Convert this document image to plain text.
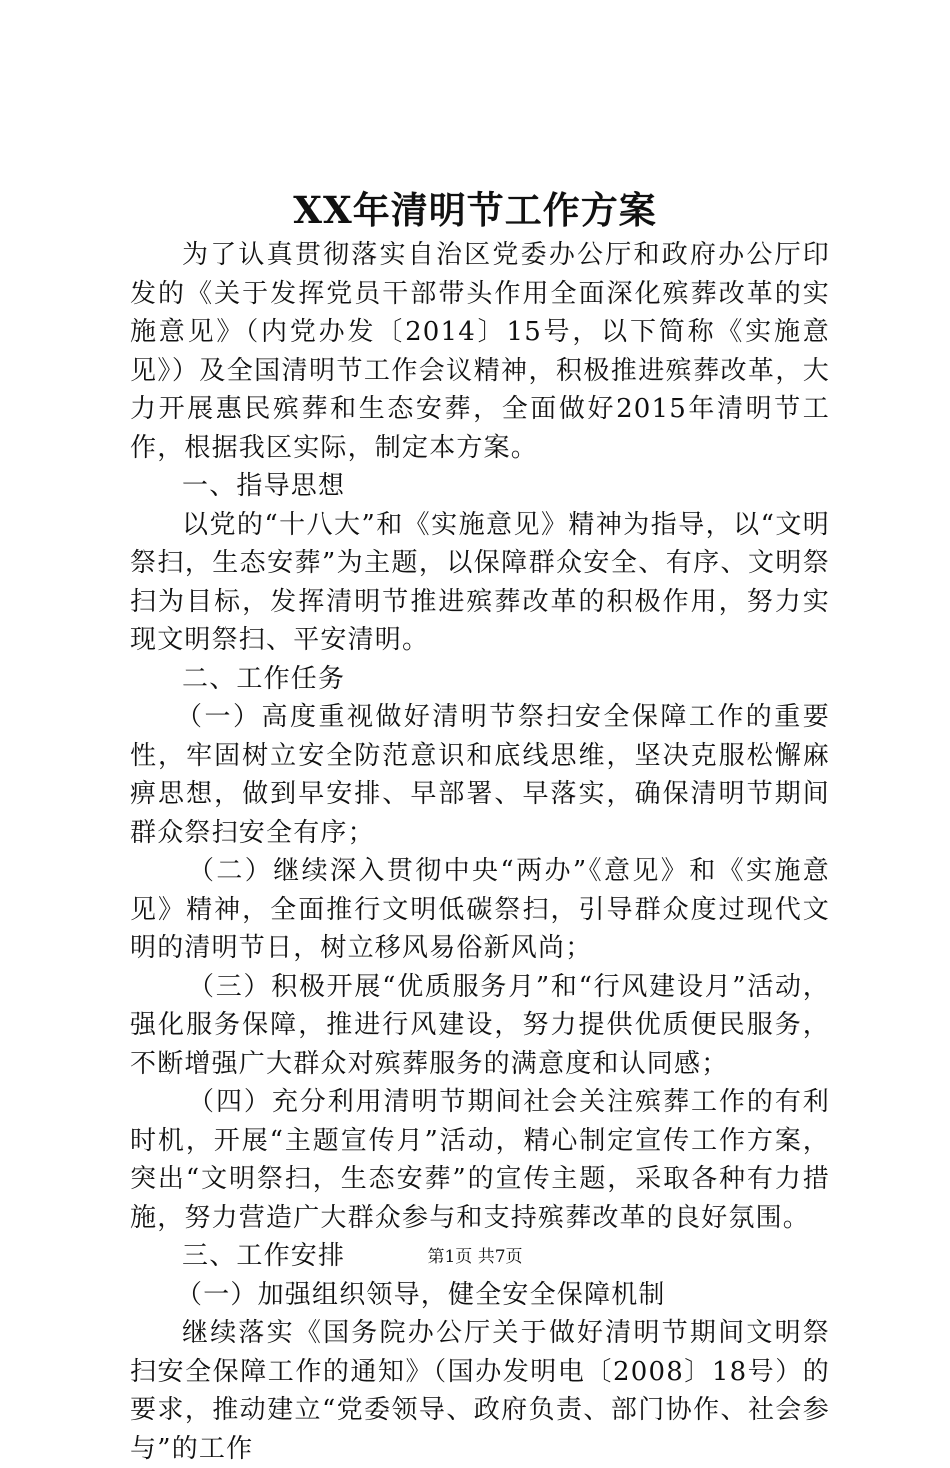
XX年清明节工作方案

为了认真贯彻落实自治区党委办公厅和政府办公厅印发的《关于发挥党员干部带头作用全面深化殡葬改革的实施意见》（内党办发〔2014〕15号，以下简称《实施意见》）及全国清明节工作会议精神，积极推进殡葬改革，大力开展惠民殡葬和生态安葬，全面做好2015年清明节工作，根据我区实际，制定本方案。

一、指导思想

以党的“十八大”和《实施意见》精神为指导，以“文明祭扫，生态安葬”为主题，以保障群众安全、有序、文明祭扫为目标，发挥清明节推进殡葬改革的积极作用，努力实现文明祭扫、平安清明。

二、工作任务

（一）高度重视做好清明节祭扫安全保障工作的重要性，牢固树立安全防范意识和底线思维，坚决克服松懈麻痹思想，做到早安排、早部署、早落实，确保清明节期间群众祭扫安全有序；

（二）继续深入贯彻中央“两办”《意见》和《实施意见》精神，全面推行文明低碳祭扫，引导群众度过现代文明的清明节日，树立移风易俗新风尚；

（三）积极开展“优质服务月”和“行风建设月”活动，强化服务保障，推进行风建设，努力提供优质便民服务，不断增强广大群众对殡葬服务的满意度和认同感；

（四）充分利用清明节期间社会关注殡葬工作的有利时机，开展“主题宣传月”活动，精心制定宣传工作方案，突出“文明祭扫，生态安葬”的宣传主题，采取各种有力措施，努力营造广大群众参与和支持殡葬改革的良好氛围。

三、工作安排

（一）加强组织领导，健全安全保障机制

继续落实《国务院办公厅关于做好清明节期间文明祭扫安全保障工作的通知》（国办发明电〔2008〕18号）的要求，推动建立“党委领导、政府负责、部门协作、社会参与”的工作

第1页 共7页
